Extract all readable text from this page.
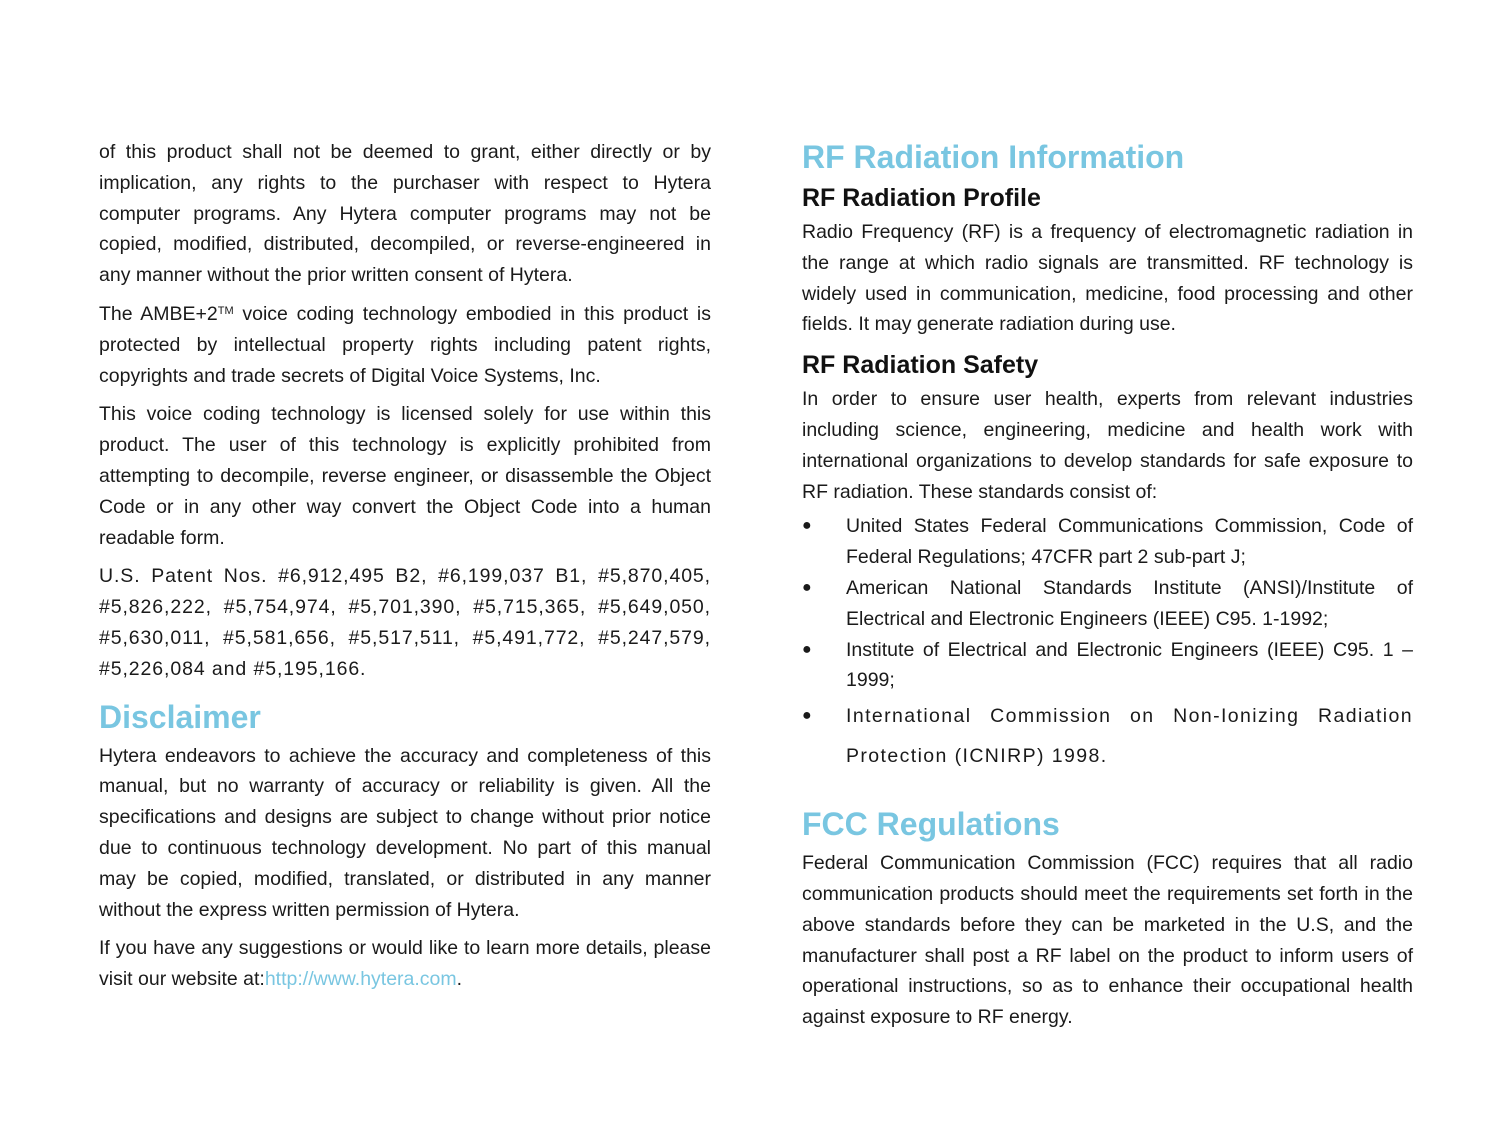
of this product shall not be deemed to grant, either directly or by implication, any rights to the purchaser with respect to Hytera computer programs. Any Hytera computer programs may not be copied, modified, distributed, decompiled, or reverse-engineered in any manner without the prior written consent of Hytera.

The AMBE+2™ voice coding technology embodied in this product is protected by intellectual property rights including patent rights, copyrights and trade secrets of Digital Voice Systems, Inc.

This voice coding technology is licensed solely for use within this product. The user of this technology is explicitly prohibited from attempting to decompile, reverse engineer, or disassemble the Object Code or in any other way convert the Object Code into a human readable form.

U.S. Patent Nos. #6,912,495 B2, #6,199,037 B1, #5,870,405, #5,826,222, #5,754,974, #5,701,390, #5,715,365, #5,649,050, #5,630,011, #5,581,656, #5,517,511, #5,491,772, #5,247,579, #5,226,084 and #5,195,166.

Disclaimer

Hytera endeavors to achieve the accuracy and completeness of this manual, but no warranty of accuracy or reliability is given. All the specifications and designs are subject to change without prior notice due to continuous technology development. No part of this manual may be copied, modified, translated, or distributed in any manner without the express written permission of Hytera.

If you have any suggestions or would like to learn more details, please visit our website at:http://www.hytera.com.

RF Radiation Information
RF Radiation Profile

Radio Frequency (RF) is a frequency of electromagnetic radiation in the range at which radio signals are transmitted. RF technology is widely used in communication, medicine, food processing and other fields. It may generate radiation during use.

RF Radiation Safety

In order to ensure user health, experts from relevant industries including science, engineering, medicine and health work with international organizations to develop standards for safe exposure to RF radiation. These standards consist of:

● United States Federal Communications Commission, Code of Federal Regulations; 47CFR part 2 sub-part J;
● American National Standards Institute (ANSI)/Institute of Electrical and Electronic Engineers (IEEE) C95. 1-1992;
● Institute of Electrical and Electronic Engineers (IEEE) C95. 1 – 1999;
● International Commission on Non-Ionizing Radiation Protection (ICNIRP) 1998.
FCC Regulations

Federal Communication Commission (FCC) requires that all radio communication products should meet the requirements set forth in the above standards before they can be marketed in the U.S, and the manufacturer shall post a RF label on the product to inform users of operational instructions, so as to enhance their occupational health against exposure to RF energy.
